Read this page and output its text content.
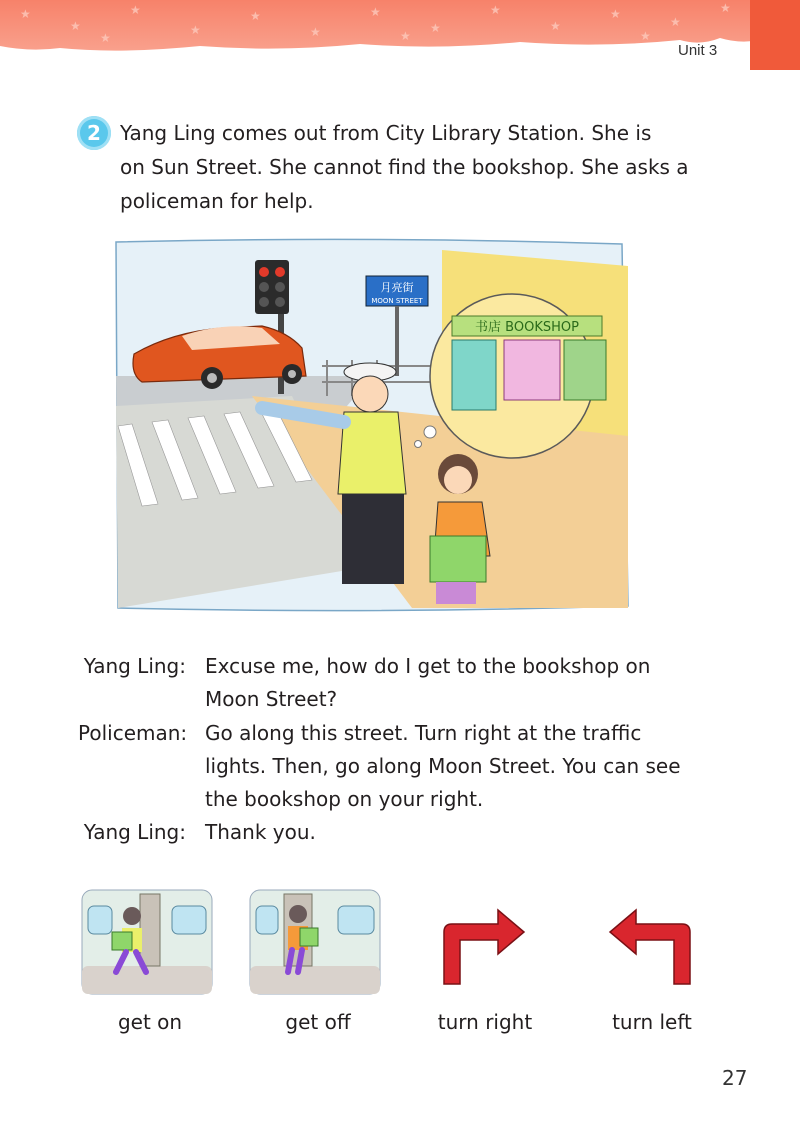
★
★
★
★
★
★
★
★
★
★
★
★
★
★	★	★
Unit 3
2 Yang Ling comes out from City Library Station. She is
on Sun Street. She cannot find the bookshop. She asks a
policeman for help.
月亮街
MOON STREET
书店 BOOKSHOP
Yang Ling: Excuse me, how do I get to the bookshop on
Moon Street?
Policeman: Go along this street. Turn right at the traffic
lights. Then, go along Moon Street. You can see
the bookshop on your right.
Yang Ling: Thank you.
get on	get off	turn right	turn left
27
